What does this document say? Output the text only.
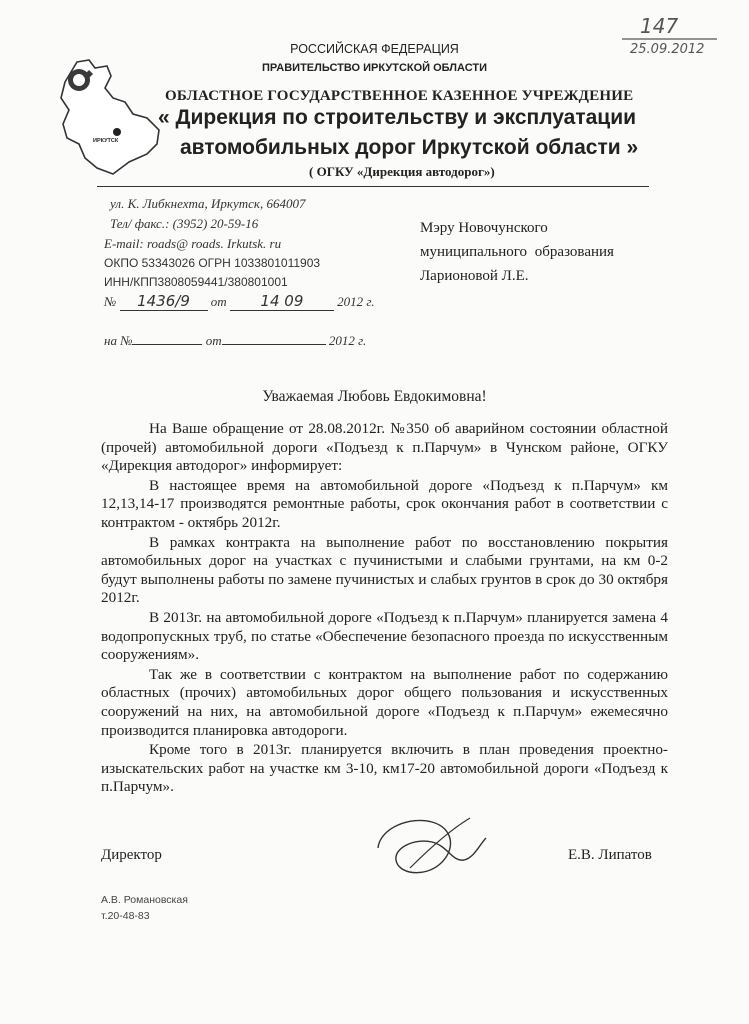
147
25.09.2012
РОССИЙСКАЯ ФЕДЕРАЦИЯ
ПРАВИТЕЛЬСТВО ИРКУТСКОЙ ОБЛАСТИ
ИРКУТСК
ОБЛАСТНОЕ ГОСУДАРСТВЕННОЕ КАЗЕННОЕ УЧРЕЖДЕНИЕ
« Дирекция по строительству и эксплуатации
автомобильных дорог Иркутской области »
( ОГКУ «Дирекция автодорог»)
ул. К. Либкнехта, Иркутск, 664007
Тел/ факс.: (3952) 20-59-16
E-mail: roads@ roads. Irkutsk. ru
ОКПО 53343026 ОГРН 1033801011903
ИНН/КПП3808059441/380801001
№ 1436/9 от 14 09	2012 г.
на №	от	2012 г.
Мэру Новочунского
муниципального образования
Ларионовой Л.Е.
Уважаемая Любовь Евдокимовна!

На Ваше обращение от 28.08.2012г. №350 об аварийном состоянии областной (прочей) автомобильной дороги «Подъезд к п.Парчум» в Чунском районе, ОГКУ «Дирекция автодорог» информирует:

В настоящее время на автомобильной дороге «Подъезд к п.Парчум» км 12,13,14-17 производятся ремонтные работы, срок окончания работ в соответствии с контрактом - октябрь 2012г.

В рамках контракта на выполнение работ по восстановлению покрытия автомобильных дорог на участках с пучинистыми и слабыми грунтами, на км 0-2 будут выполнены работы по замене пучинистых и слабых грунтов в срок до 30 октября 2012г.

В 2013г. на автомобильной дороге «Подъезд к п.Парчум» планируется замена 4 водопропускных труб, по статье «Обеспечение безопасного проезда по искусственным сооружениям».

Так же в соответствии с контрактом на выполнение работ по содержанию областных (прочих) автомобильных дорог общего пользования и искусственных сооружений на них, на автомобильной дороге «Подъезд к п.Парчум» ежемесячно производится планировка автодороги.

Кроме того в 2013г. планируется включить в план проведения проектно-изыскательских работ на участке км 3-10, км17-20 автомобильной дороги «Подъезд к п.Парчум».

Директор	Е.В. Липатов
А.В. Романовская
т.20-48-83
